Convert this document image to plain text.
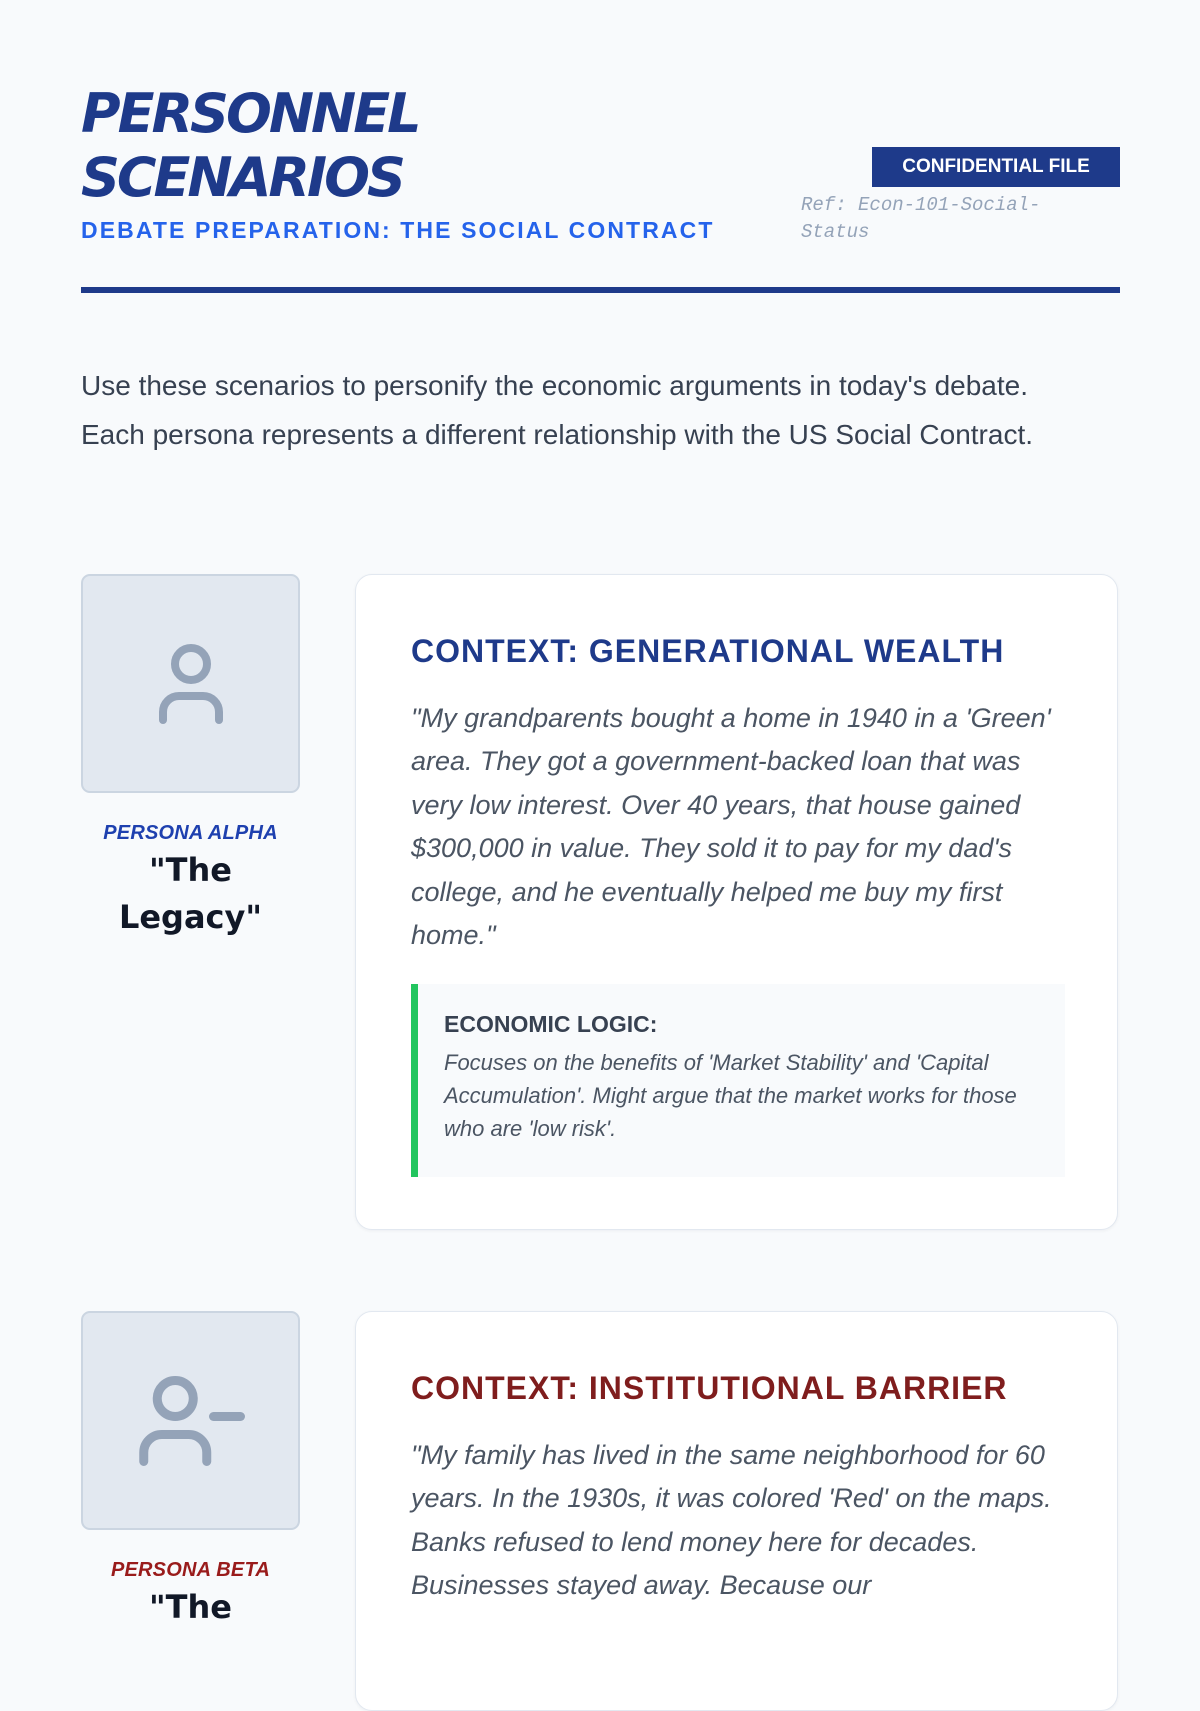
PERSONNEL
SCENARIOS
DEBATE PREPARATION: THE SOCIAL CONTRACT
CONFIDENTIAL FILE
Ref: Econ-101-Social-Status

Use these scenarios to personify the economic arguments in today's debate. Each persona represents a different relationship with the US Social Contract.

PERSONA ALPHA
"The
Legacy"
CONTEXT: GENERATIONAL WEALTH

"My grandparents bought a home in 1940 in a 'Green' area. They got a government-backed loan that was very low interest. Over 40 years, that house gained $300,000 in value. They sold it to pay for my dad's college, and he eventually helped me buy my first home."

ECONOMIC LOGIC:
Focuses on the benefits of 'Market Stability' and 'Capital Accumulation'. Might argue that the market works for those who are 'low risk'.
PERSONA BETA
"The
CONTEXT: INSTITUTIONAL BARRIER

"My family has lived in the same neighborhood for 60 years. In the 1930s, it was colored 'Red' on the maps. Banks refused to lend money here for decades. Businesses stayed away. Because our
